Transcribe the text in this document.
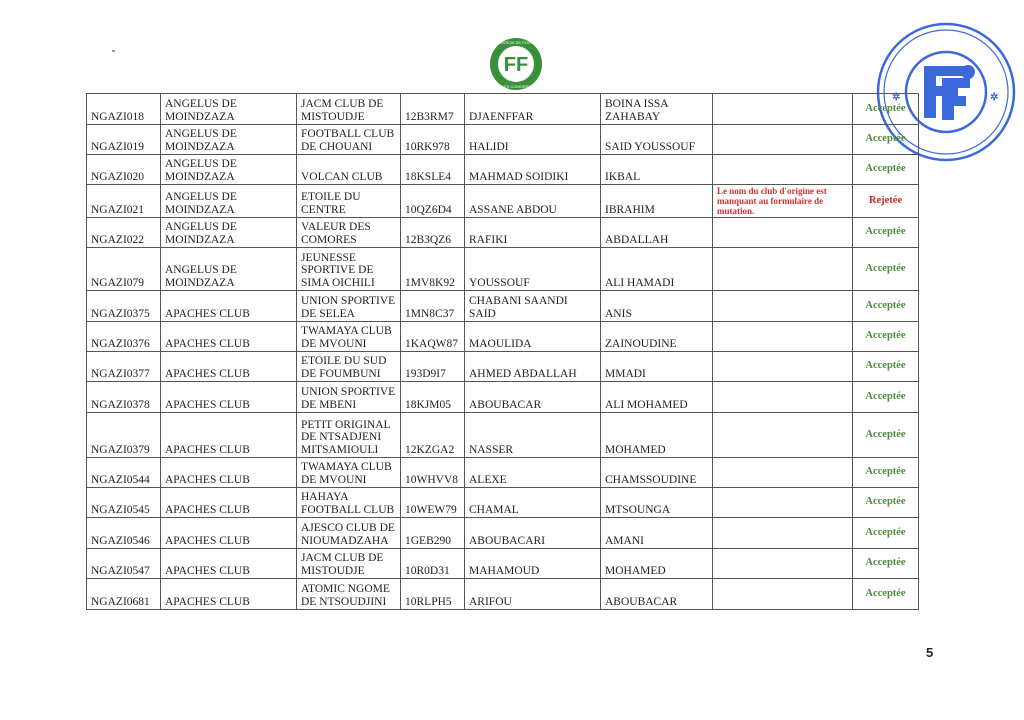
FF
FEDERATION DE FOOTBALL
DES COMORES
✲	✲
NGAZI018	ANGELUS DE MOINDZAZA	JACM CLUB DE MISTOUDJE	12B3RM7	DJAENFFAR	BOINA ISSA ZAHABAY		Acceptée
NGAZI019	ANGELUS DE MOINDZAZA	FOOTBALL CLUB DE CHOUANI	10RK978	HALIDI	SAID YOUSSOUF		Acceptée
NGAZI020	ANGELUS DE MOINDZAZA	VOLCAN CLUB	18KSLE4	MAHMAD SOIDIKI	IKBAL		Acceptée
NGAZI021	ANGELUS DE MOINDZAZA	ETOILE DU CENTRE	10QZ6D4	ASSANE ABDOU	IBRAHIM	Le nom du club d'origine est manquant au formulaire de mutation.	Rejetée
NGAZI022	ANGELUS DE MOINDZAZA	VALEUR DES COMORES	12B3QZ6	RAFIKI	ABDALLAH		Acceptée
NGAZI079	ANGELUS DE MOINDZAZA	JEUNESSE SPORTIVE DE SIMA OICHILI	1MV8K92	YOUSSOUF	ALI HAMADI		Acceptée
NGAZI0375	APACHES CLUB	UNION SPORTIVE DE SELEA	1MN8C37	CHABANI SAANDI SAID	ANIS		Acceptée
NGAZI0376	APACHES CLUB	TWAMAYA CLUB DE MVOUNI	1KAQW87	MAOULIDA	ZAINOUDINE		Acceptée
NGAZI0377	APACHES CLUB	ETOILE DU SUD DE FOUMBUNI	193D9I7	AHMED ABDALLAH	MMADI		Acceptée
NGAZI0378	APACHES CLUB	UNION SPORTIVE DE MBENI	18KJM05	ABOUBACAR	ALI MOHAMED		Acceptée
NGAZI0379	APACHES CLUB	PETIT ORIGINAL DE NTSADJENI MITSAMIOULI	12KZGA2	NASSER	MOHAMED		Acceptée
NGAZI0544	APACHES CLUB	TWAMAYA CLUB DE MVOUNI	10WHVV8	ALEXE	CHAMSSOUDINE		Acceptée
NGAZI0545	APACHES CLUB	HAHAYA FOOTBALL CLUB	10WEW79	CHAMAL	MTSOUNGA		Acceptée
NGAZI0546	APACHES CLUB	AJESCO CLUB DE NIOUMADZAHA	1GEB290	ABOUBACARI	AMANI		Acceptée
NGAZI0547	APACHES CLUB	JACM CLUB DE MISTOUDJE	10R0D31	MAHAMOUD	MOHAMED		Acceptée
NGAZI0681	APACHES CLUB	ATOMIC NGOME DE NTSOUDJINI	10RLPH5	ARIFOU	ABOUBACAR		Acceptée
5
